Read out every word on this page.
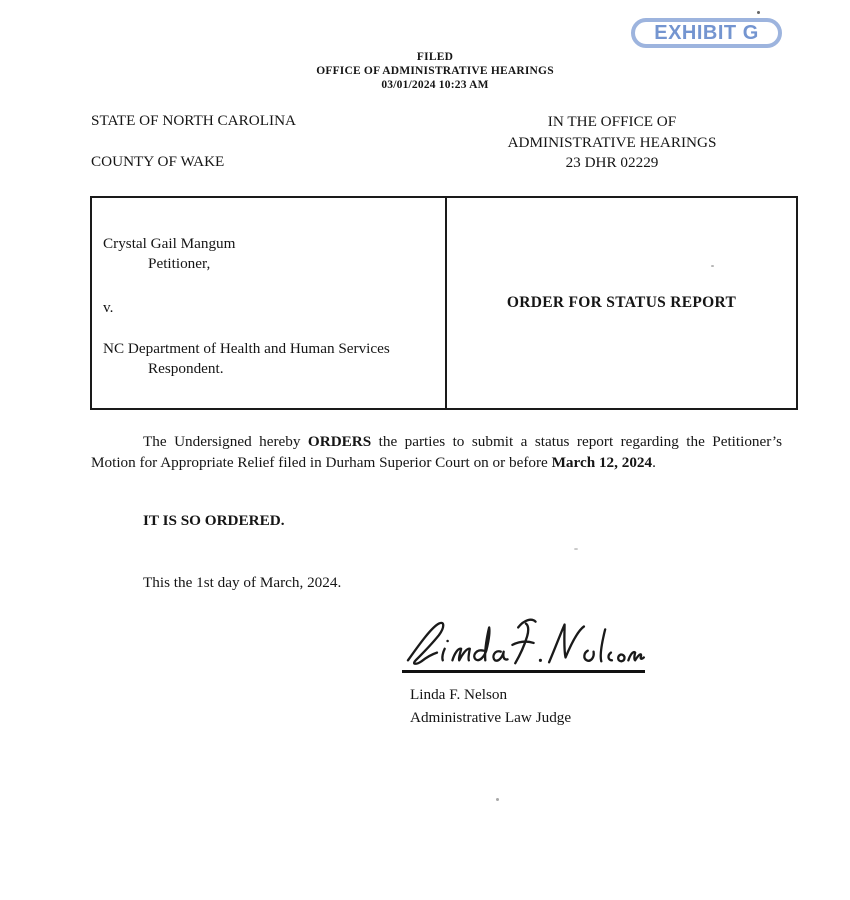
EXHIBIT G
FILED
OFFICE OF ADMINISTRATIVE HEARINGS
03/01/2024 10:23 AM
STATE OF NORTH CAROLINA
COUNTY OF WAKE
IN THE OFFICE OF
ADMINISTRATIVE HEARINGS
23 DHR 02229
Crystal Gail Mangum
Petitioner,
v.
NC Department of Health and Human Services
Respondent.
ORDER FOR STATUS REPORT

The Undersigned hereby ORDERS the parties to submit a status report regarding the Petitioner’s Motion for Appropriate Relief filed in Durham Superior Court on or before March 12, 2024.

IT IS SO ORDERED.
This the 1st day of March, 2024.
Linda F. Nelson
Administrative Law Judge
